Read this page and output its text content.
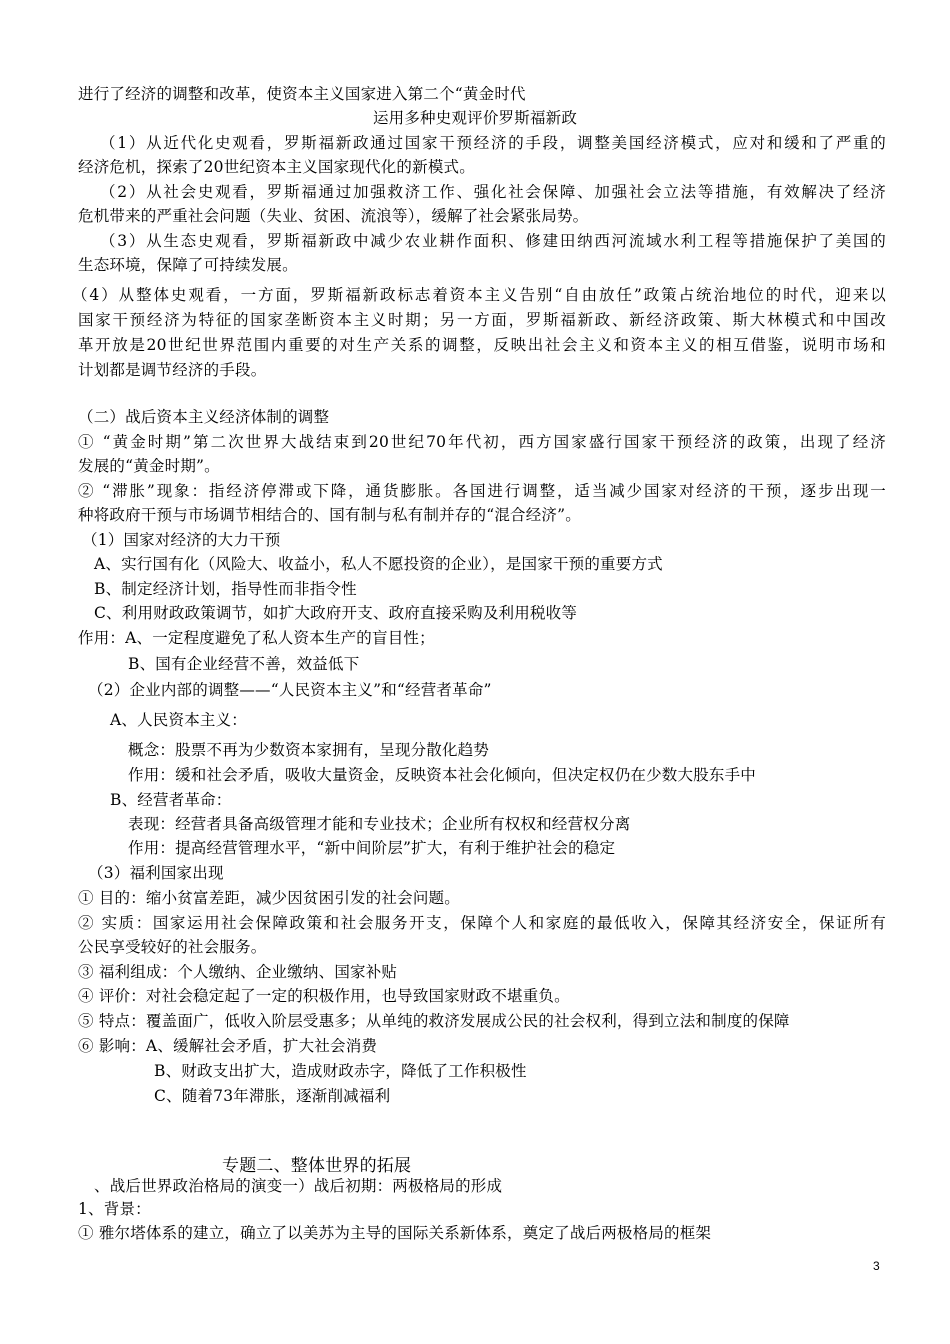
进行了经济的调整和改革，使资本主义国家进入第二个“黄金时代
运用多种史观评价罗斯福新政
（1）从近代化史观看，罗斯福新政通过国家干预经济的手段，调整美国经济模式，应对和缓和了严重的
经济危机，探索了20世纪资本主义国家现代化的新模式。
（2）从社会史观看，罗斯福通过加强救济工作、强化社会保障、加强社会立法等措施，有效解决了经济
危机带来的严重社会问题（失业、贫困、流浪等），缓解了社会紧张局势。
（3）从生态史观看，罗斯福新政中减少农业耕作面积、修建田纳西河流域水利工程等措施保护了美国的
生态环境，保障了可持续发展。
（4）从整体史观看，一方面，罗斯福新政标志着资本主义告别“自由放任”政策占统治地位的时代，迎来以
国家干预经济为特征的国家垄断资本主义时期；另一方面，罗斯福新政、新经济政策、斯大林模式和中国改
革开放是20世纪世界范围内重要的对生产关系的调整，反映出社会主义和资本主义的相互借鉴，说明市场和
计划都是调节经济的手段。
（二）战后资本主义经济体制的调整
① “黄金时期”第二次世界大战结束到20世纪70年代初，西方国家盛行国家干预经济的政策，出现了经济
发展的“黄金时期”。
② “滞胀”现象：指经济停滞或下降，通货膨胀。各国进行调整，适当减少国家对经济的干预，逐步出现一
种将政府干预与市场调节相结合的、国有制与私有制并存的“混合经济”。
（1）国家对经济的大力干预
A、实行国有化（风险大、收益小，私人不愿投资的企业），是国家干预的重要方式
B、制定经济计划，指导性而非指令性
C、利用财政政策调节，如扩大政府开支、政府直接采购及利用税收等
作用：A、一定程度避免了私人资本生产的盲目性；
B、国有企业经营不善，效益低下
（2）企业内部的调整——“人民资本主义”和“经营者革命”
A、人民资本主义：
概念：股票不再为少数资本家拥有，呈现分散化趋势
作用：缓和社会矛盾，吸收大量资金，反映资本社会化倾向，但决定权仍在少数大股东手中
B、经营者革命：
表现：经营者具备高级管理才能和专业技术；企业所有权权和经营权分离
作用：提高经营管理水平，“新中间阶层”扩大，有利于维护社会的稳定
（3）福利国家出现
① 目的：缩小贫富差距，减少因贫困引发的社会问题。
② 实质：国家运用社会保障政策和社会服务开支，保障个人和家庭的最低收入，保障其经济安全，保证所有
公民享受较好的社会服务。
③ 福利组成：个人缴纳、企业缴纳、国家补贴
④ 评价：对社会稳定起了一定的积极作用，也导致国家财政不堪重负。
⑤ 特点：覆盖面广，低收入阶层受惠多；从单纯的救济发展成公民的社会权利，得到立法和制度的保障
⑥ 影响：A、缓解社会矛盾，扩大社会消费
B、财政支出扩大，造成财政赤字，降低了工作积极性
C、随着73年滞胀，逐渐削减福利
专题二、整体世界的拓展
、战后世界政治格局的演变一）战后初期：两极格局的形成
1、背景：
① 雅尔塔体系的建立，确立了以美苏为主导的国际关系新体系，奠定了战后两极格局的框架
3
